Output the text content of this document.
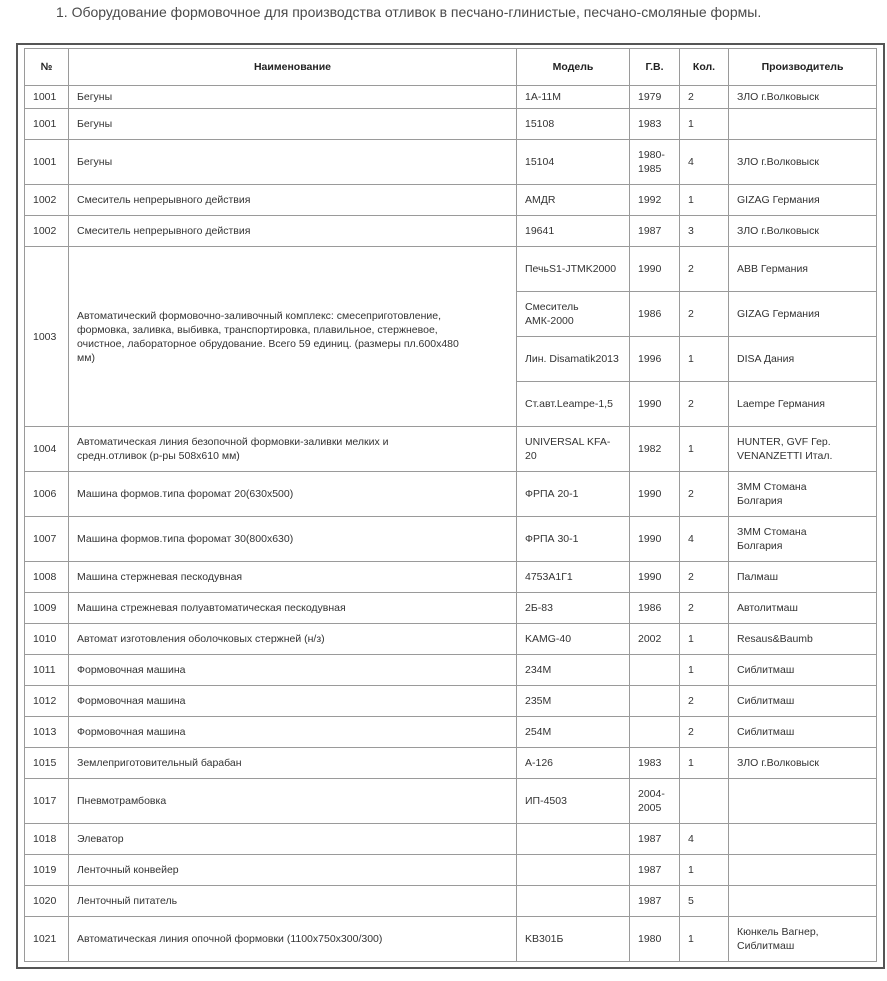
1. Оборудование формовочное для производства отливок в песчано-глинистые, песчано-смоляные формы.
№	Наименование	Модель	Г.В.	Кол.	Производитель
1001	Бегуны	1А-11М	1979	2	ЗЛО г.Волковыск
1001	Бегуны	15108	1983	1	
1001	Бегуны	15104	1980-1985	4	ЗЛО г.Волковыск
1002	Смеситель непрерывного действия	AMДR	1992	1	GIZAG Германия
1002	Смеситель непрерывного действия	19641	1987	3	ЗЛО г.Волковыск
1003	Автоматический формовочно-заливочный комплекс: смесеприготовление, формовка, заливка, выбивка, транспортировка, плавильное, стержневое, очистное, лабораторное обрудование. Всего 59 единиц. (размеры пл.600х480 мм)	ПечьS1-JTMK2000	1990	2	ABB Германия
		Смеситель АМК-2000	1986	2	GIZAG Германия
		Лин. Disamatik2013	1996	1	DISA Дания
		Ст.авт.Leampe-1,5	1990	2	Laempe Германия
1004	Автоматическая линия безопочной формовки-заливки мелких и средн.отливок (р-ры 508х610 мм)	UNIVERSAL KFA-20	1982	1	HUNTER, GVF Гер. VENANZETTI Итал.
1006	Машина формов.типа форомат 20(630х500)	ФРПА 20-1	1990	2	ЗММ Стомана Болгария
1007	Машина формов.типа форомат 30(800х630)	ФРПА 30-1	1990	4	ЗММ Стомана Болгария
1008	Машина стержневая пескодувная	4753А1Г1	1990	2	Палмаш
1009	Машина стрежневая полуавтоматическая пескодувная	2Б-83	1986	2	Автолитмаш
1010	Автомат изготовления оболочковых стержней (н/з)	KAMG-40	2002	1	Resaus&Baumb
1011	Формовочная машина	234М		1	Сиблитмаш
1012	Формовочная машина	235М		2	Сиблитмаш
1013	Формовочная машина	254М		2	Сиблитмаш
1015	Землеприготовительный барабан	А-126	1983	1	ЗЛО г.Волковыск
1017	Пневмотрамбовка	ИП-4503	2004-2005		
1018	Элеватор		1987	4	
1019	Ленточный конвейер		1987	1	
1020	Ленточный питатель		1987	5	
1021	Автоматическая линия опочной формовки (1100х750х300/300)	KB301Б	1980	1	Кюнкель Вагнер, Сиблитмаш
